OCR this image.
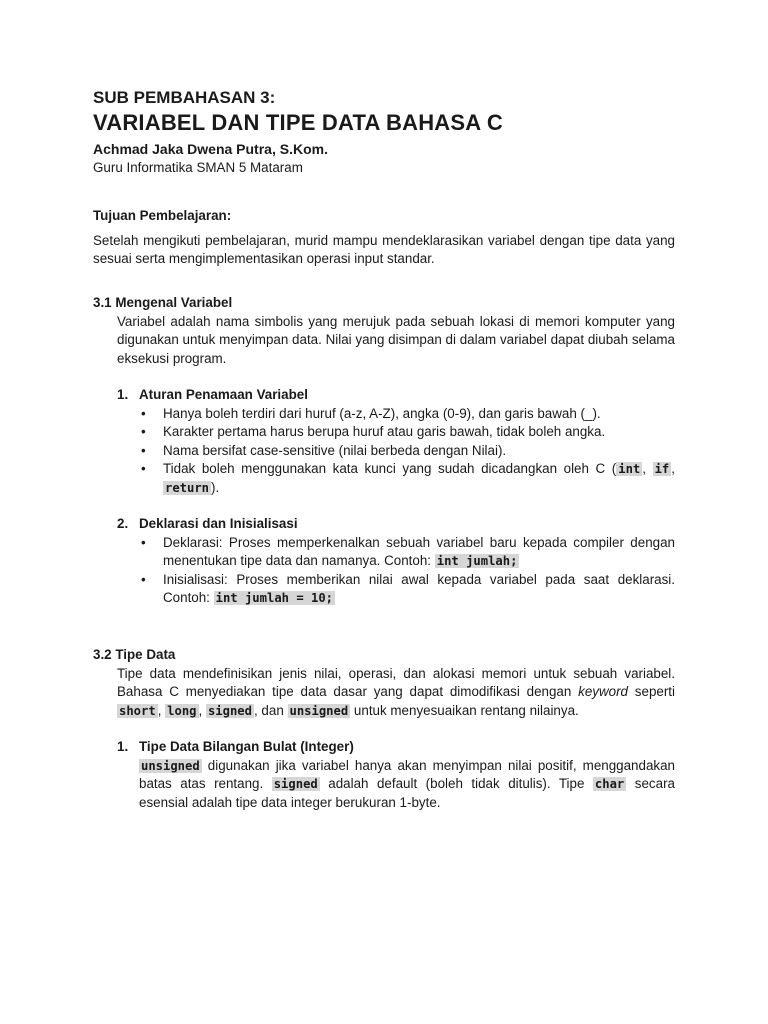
SUB PEMBAHASAN 3:
VARIABEL DAN TIPE DATA BAHASA C
Achmad Jaka Dwena Putra, S.Kom.
Guru Informatika SMAN 5 Mataram
Tujuan Pembelajaran:
Setelah mengikuti pembelajaran, murid mampu mendeklarasikan variabel dengan tipe data yang sesuai serta mengimplementasikan operasi input standar.
3.1 Mengenal Variabel
Variabel adalah nama simbolis yang merujuk pada sebuah lokasi di memori komputer yang digunakan untuk menyimpan data. Nilai yang disimpan di dalam variabel dapat diubah selama eksekusi program.
1. Aturan Penamaan Variabel
• Hanya boleh terdiri dari huruf (a-z, A-Z), angka (0-9), dan garis bawah (_).
• Karakter pertama harus berupa huruf atau garis bawah, tidak boleh angka.
• Nama bersifat case-sensitive (nilai berbeda dengan Nilai).
• Tidak boleh menggunakan kata kunci yang sudah dicadangkan oleh C ( int , if , return ).
2. Deklarasi dan Inisialisasi
• Deklarasi: Proses memperkenalkan sebuah variabel baru kepada compiler dengan menentukan tipe data dan namanya. Contoh: int jumlah;
• Inisialisasi: Proses memberikan nilai awal kepada variabel pada saat deklarasi. Contoh: int jumlah = 10;
3.2 Tipe Data
Tipe data mendefinisikan jenis nilai, operasi, dan alokasi memori untuk sebuah variabel. Bahasa C menyediakan tipe data dasar yang dapat dimodifikasi dengan keyword seperti short , long , signed , dan unsigned untuk menyesuaikan rentang nilainya.
1. Tipe Data Bilangan Bulat (Integer)
unsigned digunakan jika variabel hanya akan menyimpan nilai positif, menggandakan batas atas rentang. signed adalah default (boleh tidak ditulis). Tipe char secara esensial adalah tipe data integer berukuran 1-byte.
